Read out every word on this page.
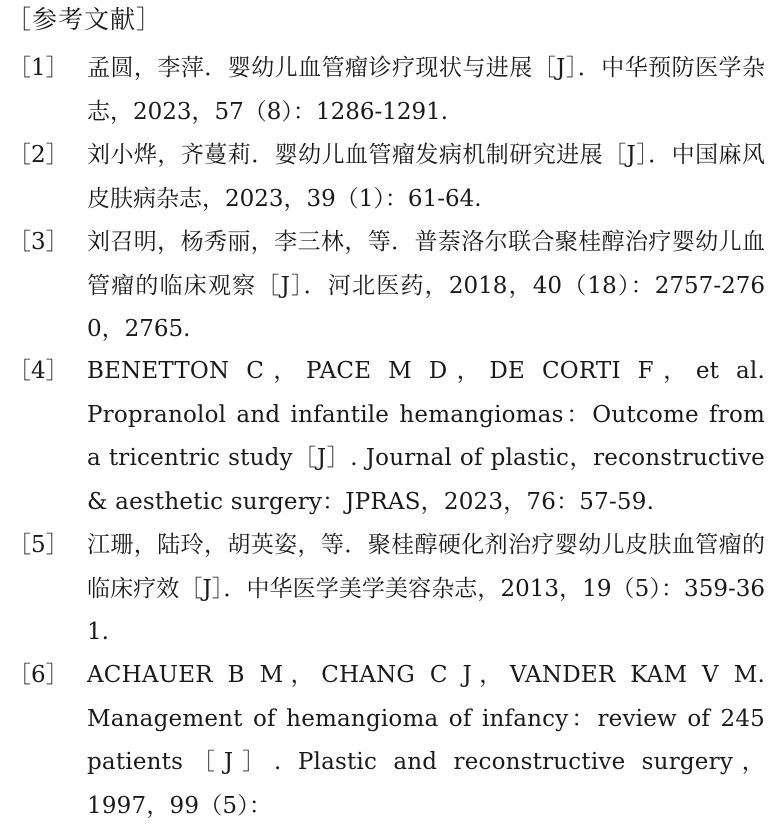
［参考文献］
［1］ 孟圆，李萍．婴幼儿血管瘤诊疗现状与进展［J］．中华预防医学杂志，2023，57（8）：1286-1291.
［2］ 刘小烨，齐蔓莉．婴幼儿血管瘤发病机制研究进展［J］．中国麻风皮肤病杂志，2023，39（1）：61-64.
［3］ 刘召明，杨秀丽，李三林，等．普萘洛尔联合聚桂醇治疗婴幼儿血管瘤的临床观察［J］．河北医药，2018，40（18）：2757-2760，2765.
［4］ BENETTON C，PACE M D，DE CORTI F，et al. Propranolol and infantile hemangiomas：Outcome from a tricentric study［J］. Journal of plastic，reconstructive & aesthetic surgery：JPRAS，2023，76：57-59.
［5］ 江珊，陆玲，胡英姿，等．聚桂醇硬化剂治疗婴幼儿皮肤血管瘤的临床疗效［J］．中华医学美学美容杂志，2013，19（5）：359-361.
［6］ ACHAUER B M，CHANG C J，VANDER KAM V M. Management of hemangioma of infancy：review of 245 patients［J］. Plastic and reconstructive surgery，1997，99（5）：
